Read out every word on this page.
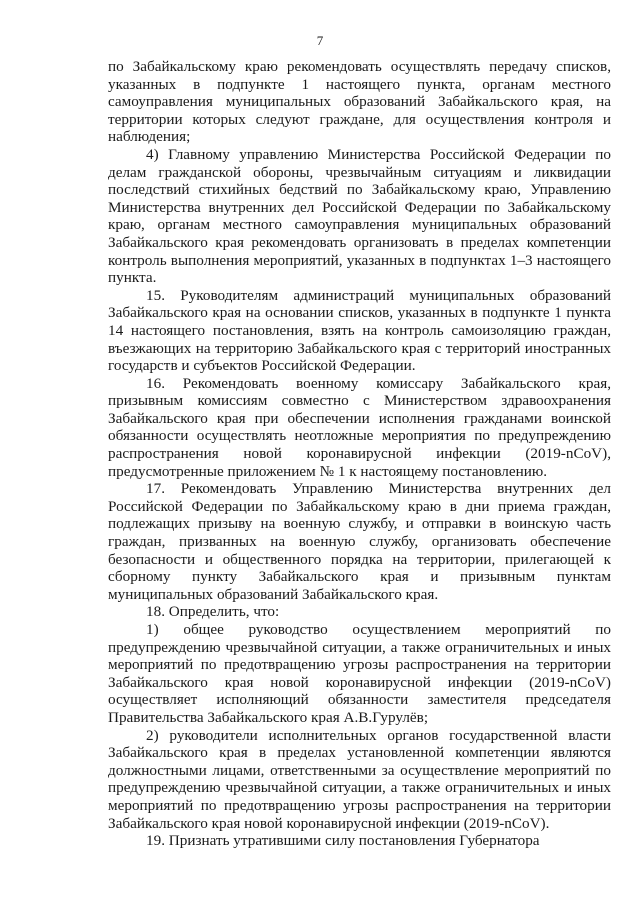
7

по Забайкальскому краю рекомендовать осуществлять передачу списков, указанных в подпункте 1 настоящего пункта, органам местного самоуправления муниципальных образований Забайкальского края, на территории которых следуют граждане, для осуществления контроля и наблюдения;

4) Главному управлению Министерства Российской Федерации по делам гражданской обороны, чрезвычайным ситуациям и ликвидации последствий стихийных бедствий по Забайкальскому краю, Управлению Министерства внутренних дел Российской Федерации по Забайкальскому краю, органам местного самоуправления муниципальных образований Забайкальского края рекомендовать организовать в пределах компетенции контроль выполнения мероприятий, указанных в подпунктах 1–3 настоящего пункта.

15. Руководителям администраций муниципальных образований Забайкальского края на основании списков, указанных в подпункте 1 пункта 14 настоящего постановления, взять на контроль самоизоляцию граждан, въезжающих на территорию Забайкальского края с территорий иностранных государств и субъектов Российской Федерации.

16. Рекомендовать военному комиссару Забайкальского края, призывным комиссиям совместно с Министерством здравоохранения Забайкальского края при обеспечении исполнения гражданами воинской обязанности осуществлять неотложные мероприятия по предупреждению распространения новой коронавирусной инфекции (2019-nCoV), предусмотренные приложением № 1 к настоящему постановлению.

17. Рекомендовать Управлению Министерства внутренних дел Российской Федерации по Забайкальскому краю в дни приема граждан, подлежащих призыву на военную службу, и отправки в воинскую часть граждан, призванных на военную службу, организовать обеспечение безопасности и общественного порядка на территории, прилегающей к сборному пункту Забайкальского края и призывным пунктам муниципальных образований Забайкальского края.

18. Определить, что:

1) общее руководство осуществлением мероприятий по предупреждению чрезвычайной ситуации, а также ограничительных и иных мероприятий по предотвращению угрозы распространения на территории Забайкальского края новой коронавирусной инфекции (2019-nCoV) осуществляет исполняющий обязанности заместителя председателя Правительства Забайкальского края А.В.Гурулёв;

2) руководители исполнительных органов государственной власти Забайкальского края в пределах установленной компетенции являются должностными лицами, ответственными за осуществление мероприятий по предупреждению чрезвычайной ситуации, а также ограничительных и иных мероприятий по предотвращению угрозы распространения на территории Забайкальского края новой коронавирусной инфекции (2019-nCoV).

19. Признать утратившими силу постановления Губернатора
